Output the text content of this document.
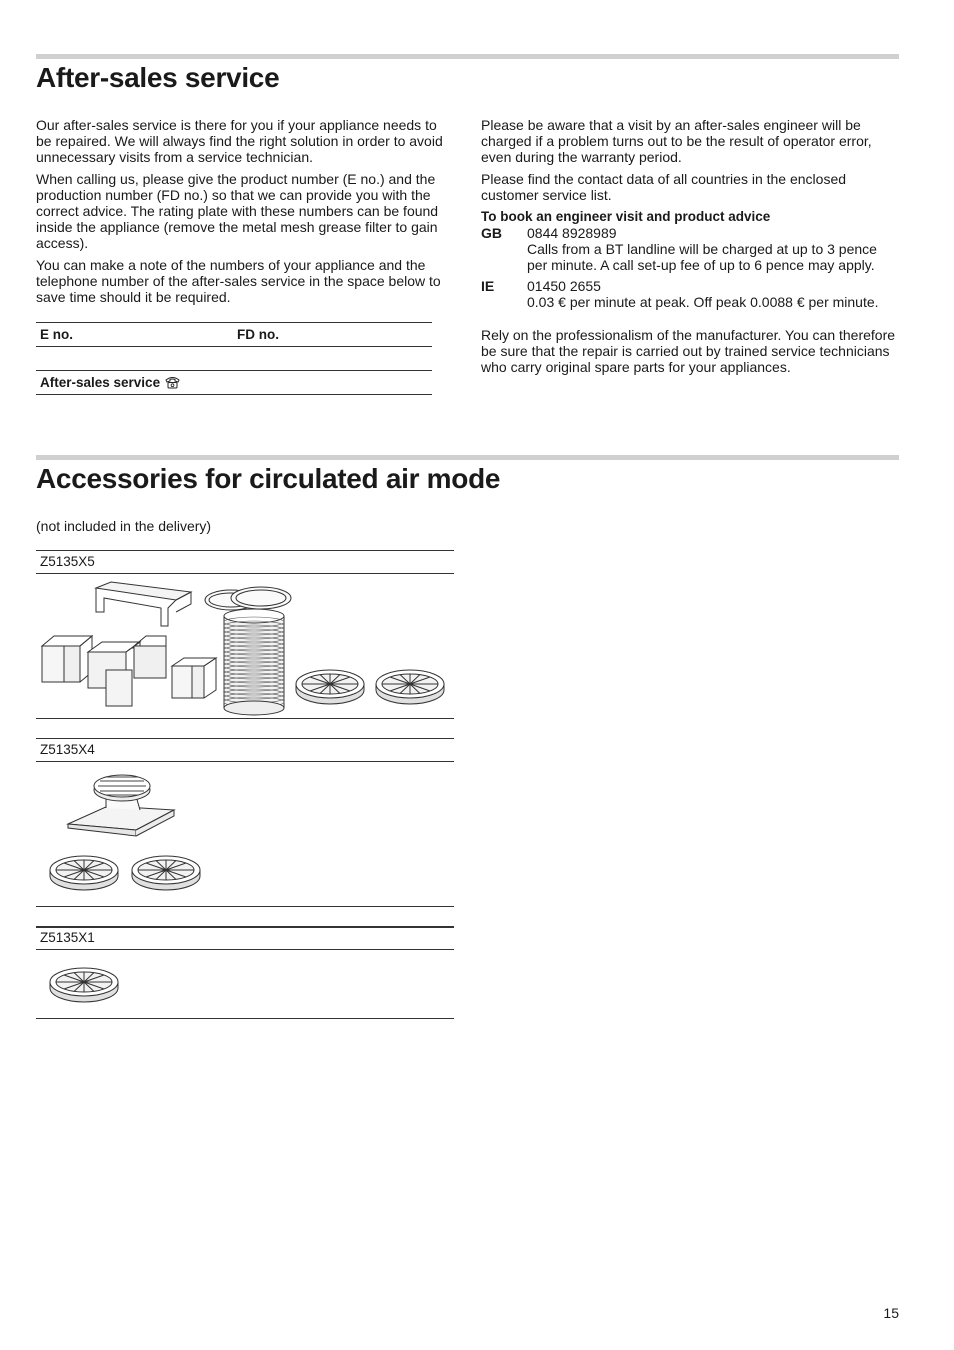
After-sales service

Our after-sales service is there for you if your appliance needs to be repaired. We will always find the right solution in order to avoid unnecessary visits from a service technician.

When calling us, please give the product number (E no.) and the production number (FD no.) so that we can provide you with the correct advice. The rating plate with these numbers can be found inside the appliance (remove the metal mesh grease filter to gain access).

You can make a note of the numbers of your appliance and the telephone number of the after-sales service in the space below to save time should it be required.

E no.	FD no.
After-sales service

Please be aware that a visit by an after-sales engineer will be charged if a problem turns out to be the result of operator error, even during the warranty period.

Please find the contact data of all countries in the enclosed customer service list.

To book an engineer visit and product advice
GB	0844 8928989
Calls from a BT landline will be charged at up to 3 pence per minute. A call set-up fee of up to 6 pence may apply.
IE	01450 2655
0.03 € per minute at peak. Off peak 0.0088 € per minute.

Rely on the professionalism of the manufacturer. You can therefore be sure that the repair is carried out by trained service technicians who carry original spare parts for your appliances.

Accessories for circulated air mode
(not included in the delivery)
Z5135X5
Z5135X4
Z5135X1
15
